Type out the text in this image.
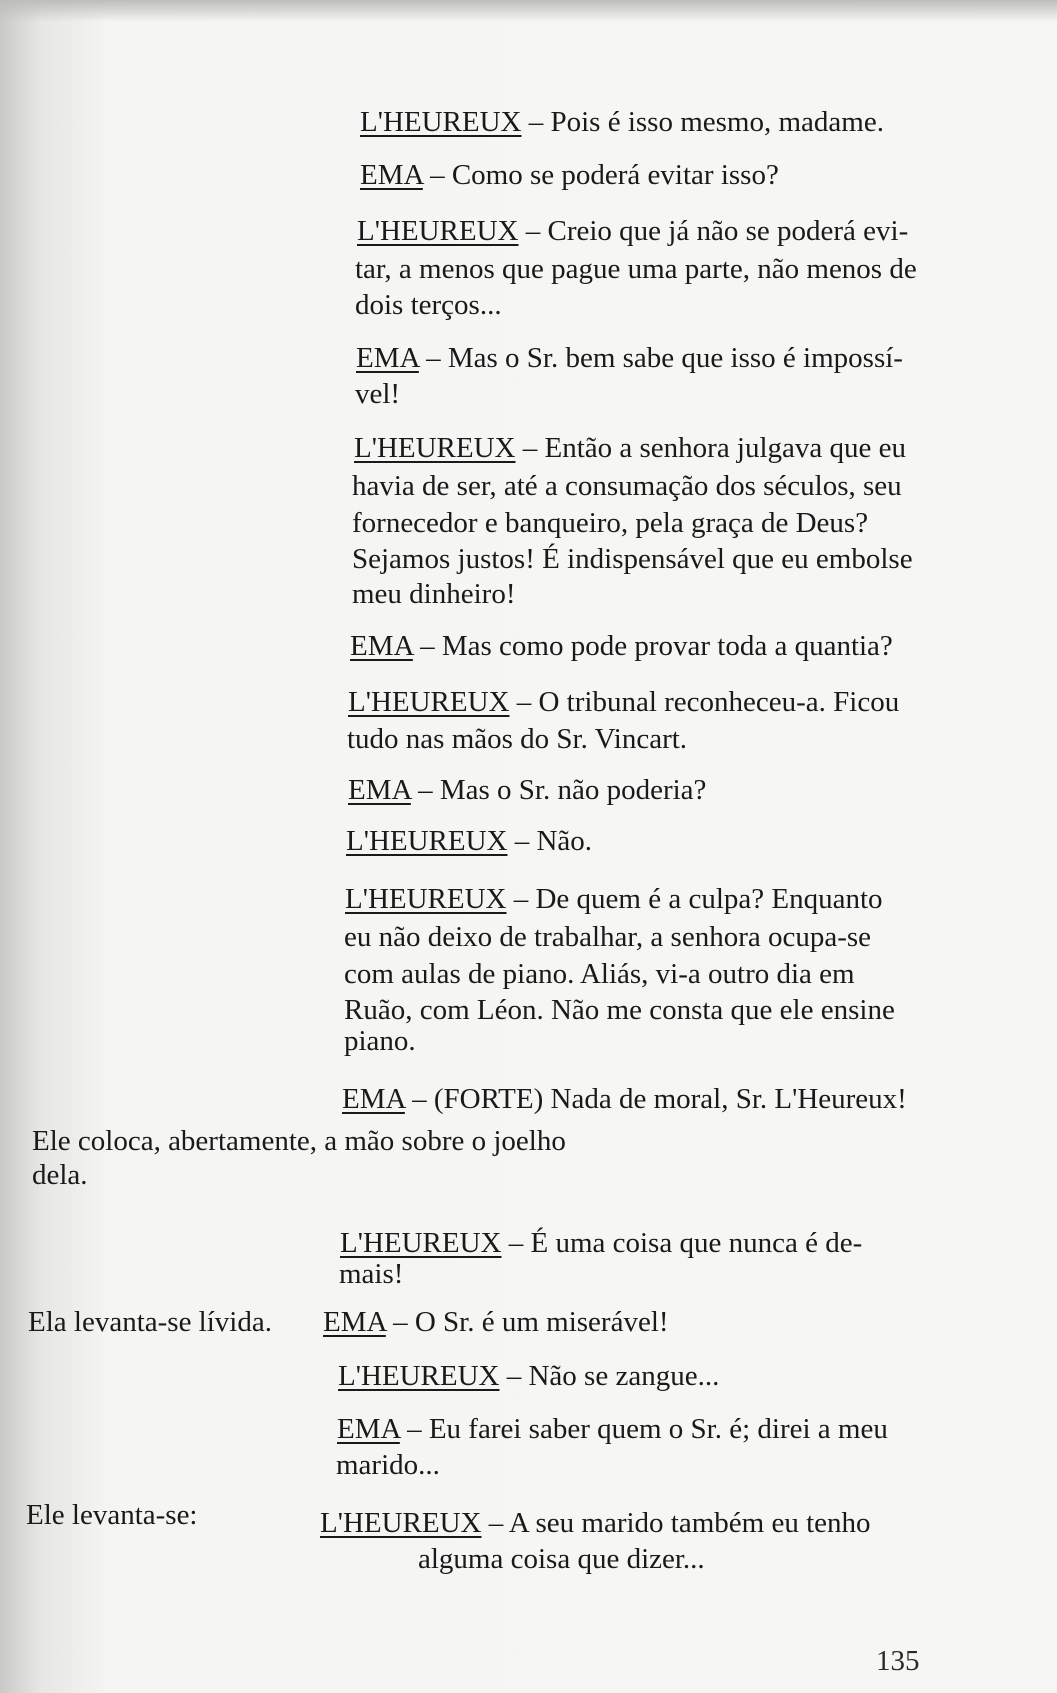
L'HEUREUX – Pois é isso mesmo, madame.
EMA – Como se poderá evitar isso?
L'HEUREUX – Creio que já não se poderá evi-
tar, a menos que pague uma parte, não menos de
dois terços...
EMA – Mas o Sr. bem sabe que isso é impossí-
vel!
L'HEUREUX – Então a senhora julgava que eu
havia de ser, até a consumação dos séculos, seu
fornecedor e banqueiro, pela graça de Deus?
Sejamos justos! É indispensável que eu embolse
meu dinheiro!
EMA – Mas como pode provar toda a quantia?
L'HEUREUX – O tribunal reconheceu-a. Ficou
tudo nas mãos do Sr. Vincart.
EMA – Mas o Sr. não poderia?
L'HEUREUX – Não.
L'HEUREUX – De quem é a culpa? Enquanto
eu não deixo de trabalhar, a senhora ocupa-se
com aulas de piano. Aliás, vi-a outro dia em
Ruão, com Léon. Não me consta que ele ensine
piano.
EMA – (FORTE) Nada de moral, Sr. L'Heureux!
Ele coloca, abertamente, a mão sobre o joelho
dela.
L'HEUREUX – É uma coisa que nunca é de-
mais!
Ela levanta-se lívida. EMA – O Sr. é um miserável!
L'HEUREUX – Não se zangue...
EMA – Eu farei saber quem o Sr. é; direi a meu
marido...
Ele levanta-se:	L'HEUREUX – A seu marido também eu tenho
alguma coisa que dizer...
135
